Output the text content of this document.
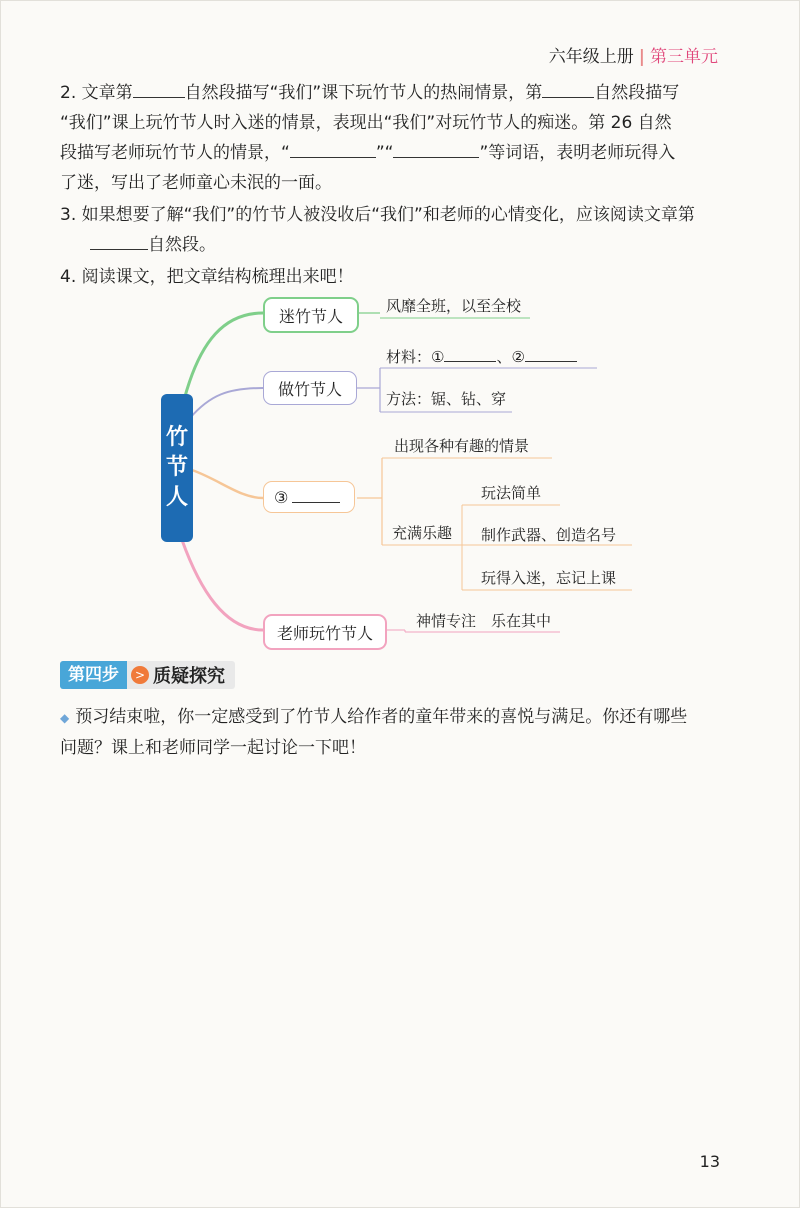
六年级上册 | 第三单元
2. 文章第	自然段描写“我们”课下玩竹节人的热闹情景，第	自然段描写
“我们”课上玩竹节人时入迷的情景，表现出“我们”对玩竹节人的痴迷。第 26 自然
段描写老师玩竹节人的情景，“	”“	”等词语，表明老师玩得入
了迷，写出了老师童心未泯的一面。
3. 如果想要了解“我们”的竹节人被没收后“我们”和老师的心情变化，应该阅读文章第
自然段。
4. 阅读课文，把文章结构梳理出来吧！
竹
节
人
迷竹节人
风靡全班，以至全校
做竹节人
材料：①	、②
方法：锯、钻、穿
③
出现各种有趣的情景
充满乐趣
玩法简单
制作武器、创造名号
玩得入迷，忘记上课
老师玩竹节人
神情专注　乐在其中
第四步	> 质疑探究
◆ 预习结束啦，你一定感受到了竹节人给作者的童年带来的喜悦与满足。你还有哪些
问题？课上和老师同学一起讨论一下吧！
13
